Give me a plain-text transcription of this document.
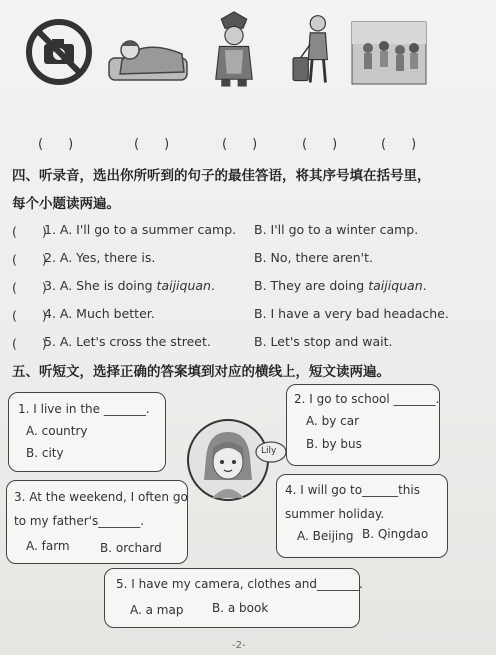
(　)	(　)	(　)	(　)	(　)
四、听录音，选出你所听到的句子的最佳答语，将其序号填在括号里，
每个小题读两遍。
(　　)
1. A. I'll go to a summer camp. B. I'll go to a winter camp.
(　　)
2. A. Yes, there is.	B. No, there aren't.
(　　)
3. A. She is doing taijiquan.	B. They are doing taijiquan.
(　　)
4. A. Much better.	B. I have a very bad headache.
(　　)
5. A. Let's cross the street.	B. Let's stop and wait.
五、听短文，选择正确的答案填到对应的横线上，短文读两遍。
1. I live in the _______.
A. country
B. city
2. I go to school _______.
A. by car
B. by bus
Lily
3. At the weekend, I often go
to my father's_______.
A. farm	B. orchard
4. I will go to______this
summer holiday.
A. Beijing B. Qingdao
5. I have my camera, clothes and_______.
A. a map B. a book
-2-
